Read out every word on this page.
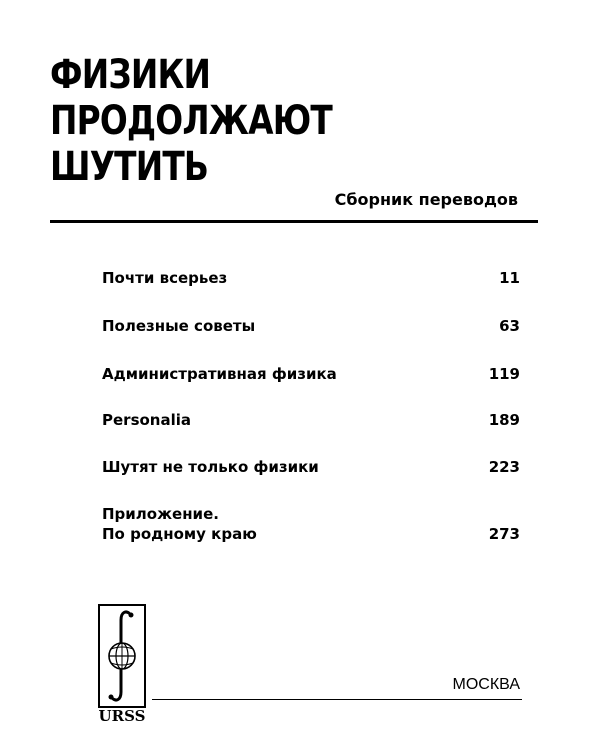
ФИЗИКИ
ПРОДОЛЖАЮТ
ШУТИТЬ
Сборник переводов
Почти всерьез	11
Полезные советы	63
Административная физика	119
Personalia	189
Шутят не только физики	223
Приложение.
По родному краю	273
URSS
МОСКВА
